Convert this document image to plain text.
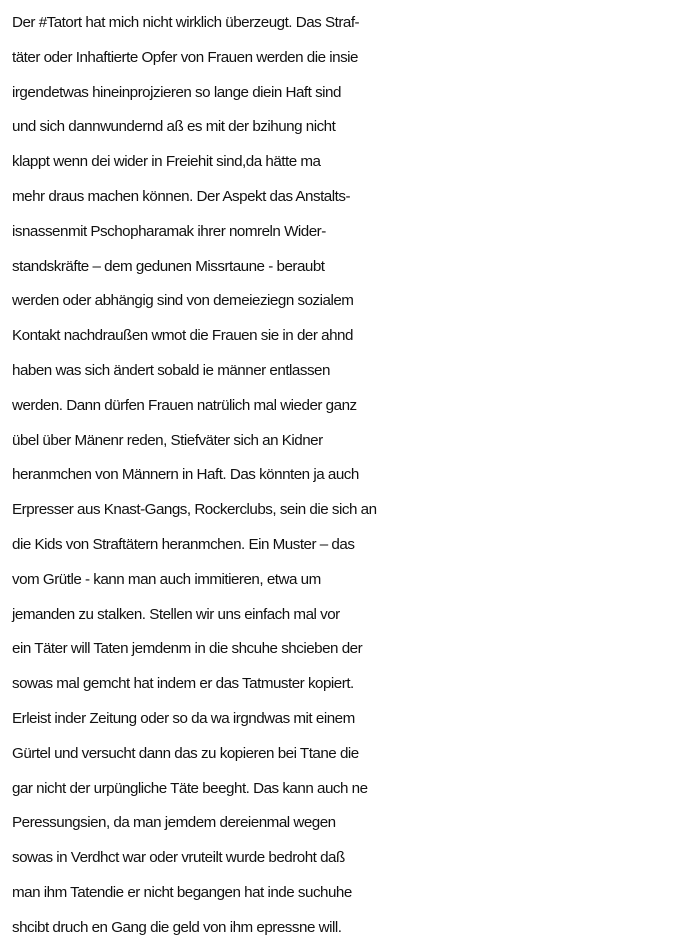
Der #Tatort hat mich nicht wirklich überzeugt. Das Straf-
täter oder Inhaftierte Opfer von Frauen werden die insie
irgendetwas hineinprojzieren so lange diein Haft sind
und sich dannwundernd aß es mit der bzihung nicht
klappt wenn dei wider in Freiehit sind,da hätte ma
mehr draus machen können. Der Aspekt das Anstalts-
isnassenmit Pschopharamak ihrer nomreln Wider-
standskräfte – dem gedunen Missrtaune - beraubt
werden oder abhängig sind von demeieziegn sozialem
Kontakt nachdraußen wmot die Frauen sie in der ahnd
haben was sich ändert sobald ie männer entlassen
werden. Dann dürfen Frauen natrülich mal wieder ganz
übel über Mänenr reden, Stiefväter sich an Kidner
heranmchen von Männern in Haft. Das könnten ja auch
Erpresser aus Knast-Gangs, Rockerclubs, sein die sich an
die Kids von Straftätern heranmchen. Ein Muster – das
vom Grütle - kann man auch immitieren, etwa um
jemanden zu stalken. Stellen wir uns einfach mal vor
ein Täter will Taten jemdenm in die shcuhe shcieben der
sowas mal gemcht hat indem er das Tatmuster kopiert.
Erleist inder Zeitung oder so da wa irgndwas mit einem
Gürtel und versucht dann das zu kopieren bei Ttane die
gar nicht der urpüngliche Täte beeght. Das kann auch ne
Peressungsien, da man jemdem dereienmal wegen
sowas in Verdhct war oder vruteilt wurde bedroht daß
man ihm Tatendie er nicht begangen hat inde suchuhe
shcibt druch en Gang die geld von ihm epressne will.
